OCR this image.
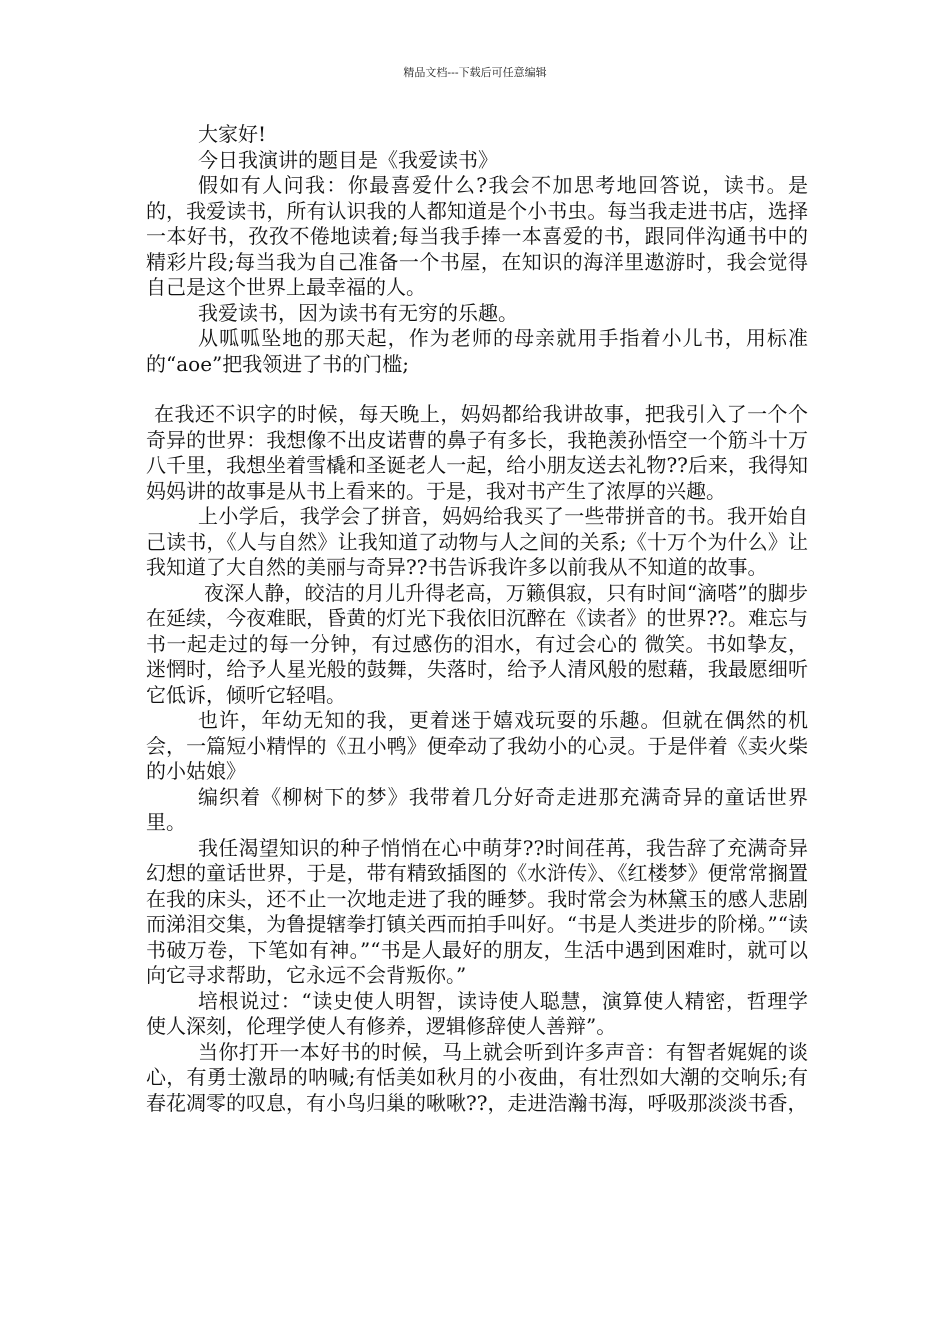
精品文档---下载后可任意编辑

大家好!

今日我演讲的题目是《我爱读书》

假如有人问我：你最喜爱什么?我会不加思考地回答说，读书。是的，我爱读书，所有认识我的人都知道是个小书虫。每当我走进书店，选择一本好书，孜孜不倦地读着;每当我手捧一本喜爱的书，跟同伴沟通书中的精彩片段;每当我为自己准备一个书屋，在知识的海洋里遨游时，我会觉得自己是这个世界上最幸福的人。

我爱读书，因为读书有无穷的乐趣。

从呱呱坠地的那天起，作为老师的母亲就用手指着小儿书，用标准的“aoe”把我领进了书的门槛;

在我还不识字的时候，每天晚上，妈妈都给我讲故事，把我引入了一个个奇异的世界：我想像不出皮诺曹的鼻子有多长，我艳羡孙悟空一个筋斗十万八千里，我想坐着雪橇和圣诞老人一起，给小朋友送去礼物??后来，我得知妈妈讲的故事是从书上看来的。于是，我对书产生了浓厚的兴趣。

上小学后，我学会了拼音，妈妈给我买了一些带拼音的书。我开始自己读书，《人与自然》让我知道了动物与人之间的关系;《十万个为什么》让我知道了大自然的美丽与奇异??书告诉我许多以前我从不知道的故事。

夜深人静，皎洁的月儿升得老高，万籁俱寂，只有时间“滴嗒”的脚步在延续，今夜难眠，昏黄的灯光下我依旧沉醉在《读者》的世界??。难忘与书一起走过的每一分钟，有过感伤的泪水，有过会心的 微笑。书如挚友，迷惘时，给予人星光般的鼓舞，失落时，给予人清风般的慰藉，我最愿细听它低诉，倾听它轻唱。

也许，年幼无知的我，更着迷于嬉戏玩耍的乐趣。但就在偶然的机会，一篇短小精悍的《丑小鸭》便牵动了我幼小的心灵。于是伴着《卖火柴的小姑娘》

编织着《柳树下的梦》我带着几分好奇走进那充满奇异的童话世界里。

我任渴望知识的种子悄悄在心中萌芽??时间荏苒，我告辞了充满奇异幻想的童话世界，于是，带有精致插图的《水浒传》、《红楼梦》便常常搁置在我的床头，还不止一次地走进了我的睡梦。我时常会为林黛玉的感人悲剧而涕泪交集，为鲁提辖拳打镇关西而拍手叫好。“书是人类进步的阶梯。”“读书破万卷，下笔如有神。”“书是人最好的朋友，生活中遇到困难时，就可以向它寻求帮助，它永远不会背叛你。”

培根说过：“读史使人明智，读诗使人聪慧，演算使人精密，哲理学使人深刻，伦理学使人有修养，逻辑修辞使人善辩”。

当你打开一本好书的时候，马上就会听到许多声音：有智者娓娓的谈心，有勇士激昂的呐喊;有恬美如秋月的小夜曲，有壮烈如大潮的交响乐;有春花凋零的叹息，有小鸟归巢的啾啾??，走进浩瀚书海，呼吸那淡淡书香，
